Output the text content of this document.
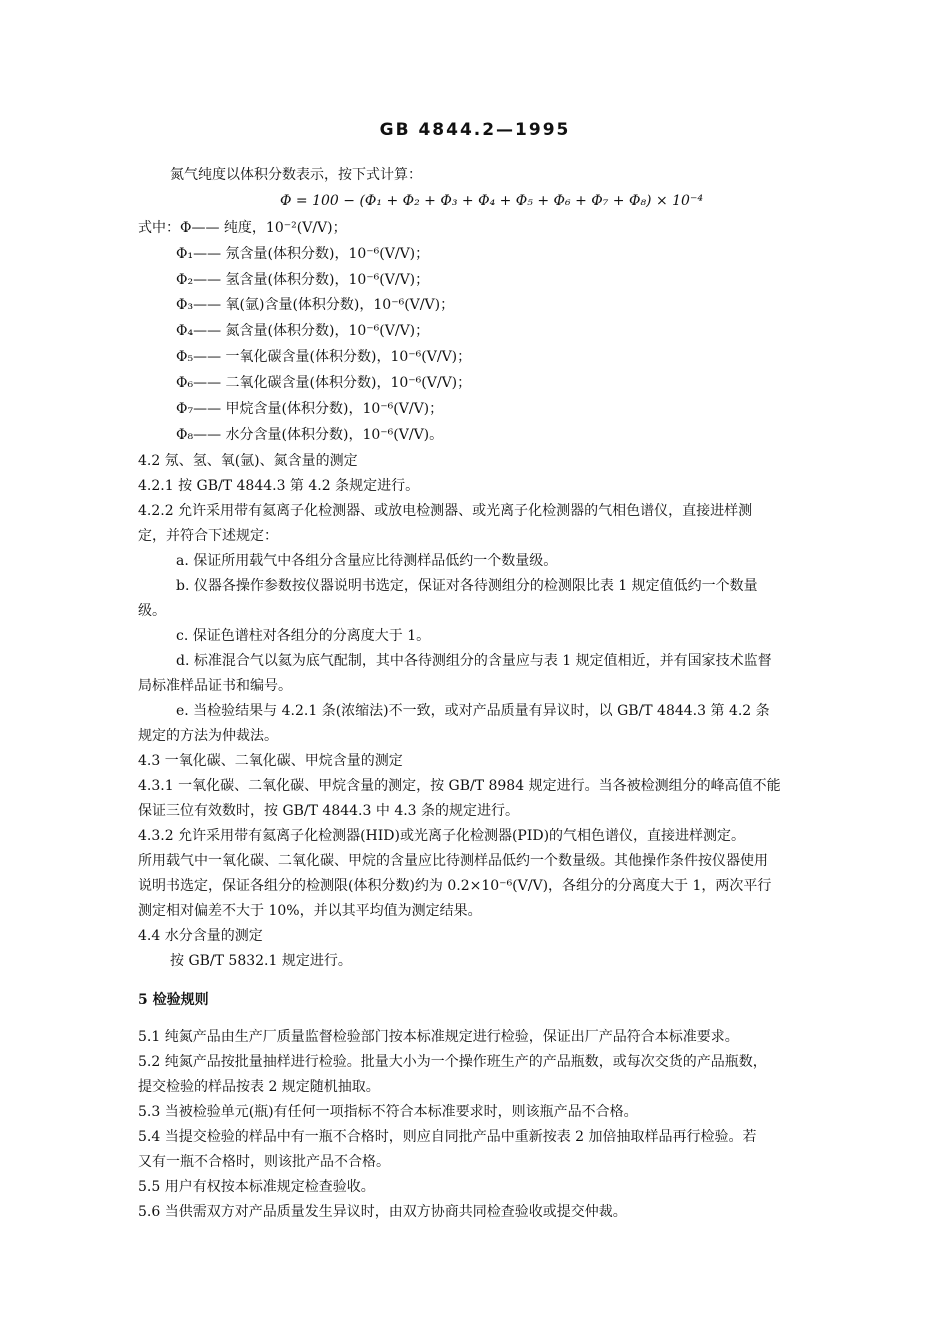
GB 4844.2—1995
氮气纯度以体积分数表示，按下式计算：
Φ = 100 − (Φ₁ + Φ₂ + Φ₃ + Φ₄ + Φ₅ + Φ₆ + Φ₇ + Φ₈) × 10⁻⁴
式中：Φ—— 纯度，10⁻²(V/V)；
Φ₁—— 氖含量(体积分数)，10⁻⁶(V/V)；
Φ₂—— 氢含量(体积分数)，10⁻⁶(V/V)；
Φ₃—— 氧(氩)含量(体积分数)，10⁻⁶(V/V)；
Φ₄—— 氮含量(体积分数)，10⁻⁶(V/V)；
Φ₅—— 一氧化碳含量(体积分数)，10⁻⁶(V/V)；
Φ₆—— 二氧化碳含量(体积分数)，10⁻⁶(V/V)；
Φ₇—— 甲烷含量(体积分数)，10⁻⁶(V/V)；
Φ₈—— 水分含量(体积分数)，10⁻⁶(V/V)。
4.2 氖、氢、氧(氩)、氮含量的测定
4.2.1 按 GB/T 4844.3 第 4.2 条规定进行。
4.2.2 允许采用带有氦离子化检测器、或放电检测器、或光离子化检测器的气相色谱仪，直接进样测
定，并符合下述规定：
a. 保证所用载气中各组分含量应比待测样品低约一个数量级。
b. 仪器各操作参数按仪器说明书选定，保证对各待测组分的检测限比表 1 规定值低约一个数量
级。
c. 保证色谱柱对各组分的分离度大于 1。
d. 标准混合气以氦为底气配制，其中各待测组分的含量应与表 1 规定值相近，并有国家技术监督
局标准样品证书和编号。
e. 当检验结果与 4.2.1 条(浓缩法)不一致，或对产品质量有异议时，以 GB/T 4844.3 第 4.2 条
规定的方法为仲裁法。
4.3 一氧化碳、二氧化碳、甲烷含量的测定
4.3.1 一氧化碳、二氧化碳、甲烷含量的测定，按 GB/T 8984 规定进行。当各被检测组分的峰高值不能
保证三位有效数时，按 GB/T 4844.3 中 4.3 条的规定进行。
4.3.2 允许采用带有氦离子化检测器(HID)或光离子化检测器(PID)的气相色谱仪，直接进样测定。
所用载气中一氧化碳、二氧化碳、甲烷的含量应比待测样品低约一个数量级。其他操作条件按仪器使用
说明书选定，保证各组分的检测限(体积分数)约为 0.2×10⁻⁶(V/V)，各组分的分离度大于 1，两次平行
测定相对偏差不大于 10%，并以其平均值为测定结果。
4.4 水分含量的测定
按 GB/T 5832.1 规定进行。
5 检验规则
5.1 纯氮产品由生产厂质量监督检验部门按本标准规定进行检验，保证出厂产品符合本标准要求。
5.2 纯氮产品按批量抽样进行检验。批量大小为一个操作班生产的产品瓶数，或每次交货的产品瓶数，
提交检验的样品按表 2 规定随机抽取。
5.3 当被检验单元(瓶)有任何一项指标不符合本标准要求时，则该瓶产品不合格。
5.4 当提交检验的样品中有一瓶不合格时，则应自同批产品中重新按表 2 加倍抽取样品再行检验。若
又有一瓶不合格时，则该批产品不合格。
5.5 用户有权按本标准规定检查验收。
5.6 当供需双方对产品质量发生异议时，由双方协商共同检查验收或提交仲裁。
